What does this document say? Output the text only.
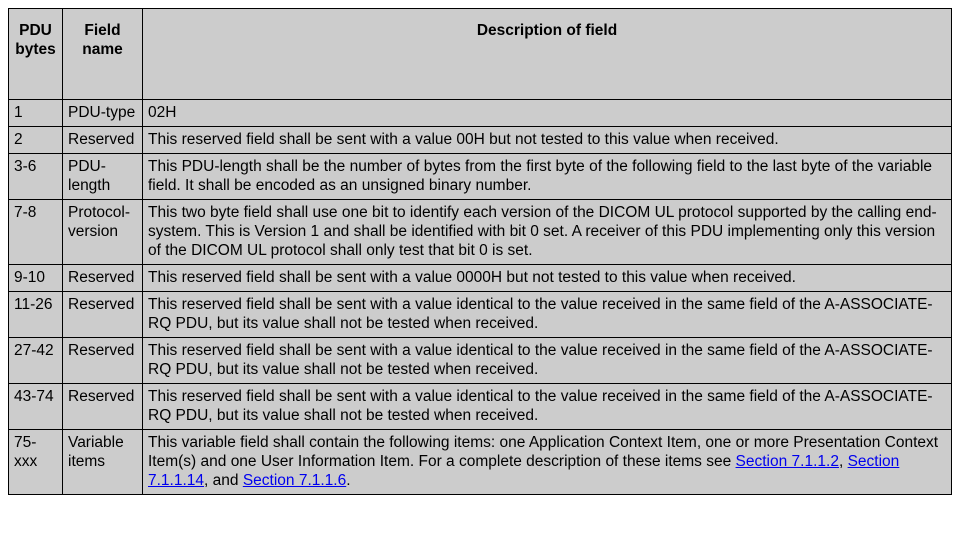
PDU bytes	Field name	Description of field
1	PDU-type	02H
2	Reserved	This reserved field shall be sent with a value 00H but not tested to this value when received.
3-6	PDU-length	This PDU-length shall be the number of bytes from the first byte of the following field to the last byte of the variable field. It shall be encoded as an unsigned binary number.
7-8	Protocol-version	This two byte field shall use one bit to identify each version of the DICOM UL protocol supported by the calling end-system. This is Version 1 and shall be identified with bit 0 set. A receiver of this PDU implementing only this version of the DICOM UL protocol shall only test that bit 0 is set.
9-10	Reserved	This reserved field shall be sent with a value 0000H but not tested to this value when received.
11-26	Reserved	This reserved field shall be sent with a value identical to the value received in the same field of the A-ASSOCIATE-RQ PDU, but its value shall not be tested when received.
27-42	Reserved	This reserved field shall be sent with a value identical to the value received in the same field of the A-ASSOCIATE-RQ PDU, but its value shall not be tested when received.
43-74	Reserved	This reserved field shall be sent with a value identical to the value received in the same field of the A-ASSOCIATE-RQ PDU, but its value shall not be tested when received.
75-xxx	Variable items	This variable field shall contain the following items: one Application Context Item, one or more Presentation Context Item(s) and one User Information Item. For a complete description of these items see Section 7.1.1.2, Section 7.1.1.14, and Section 7.1.1.6.
